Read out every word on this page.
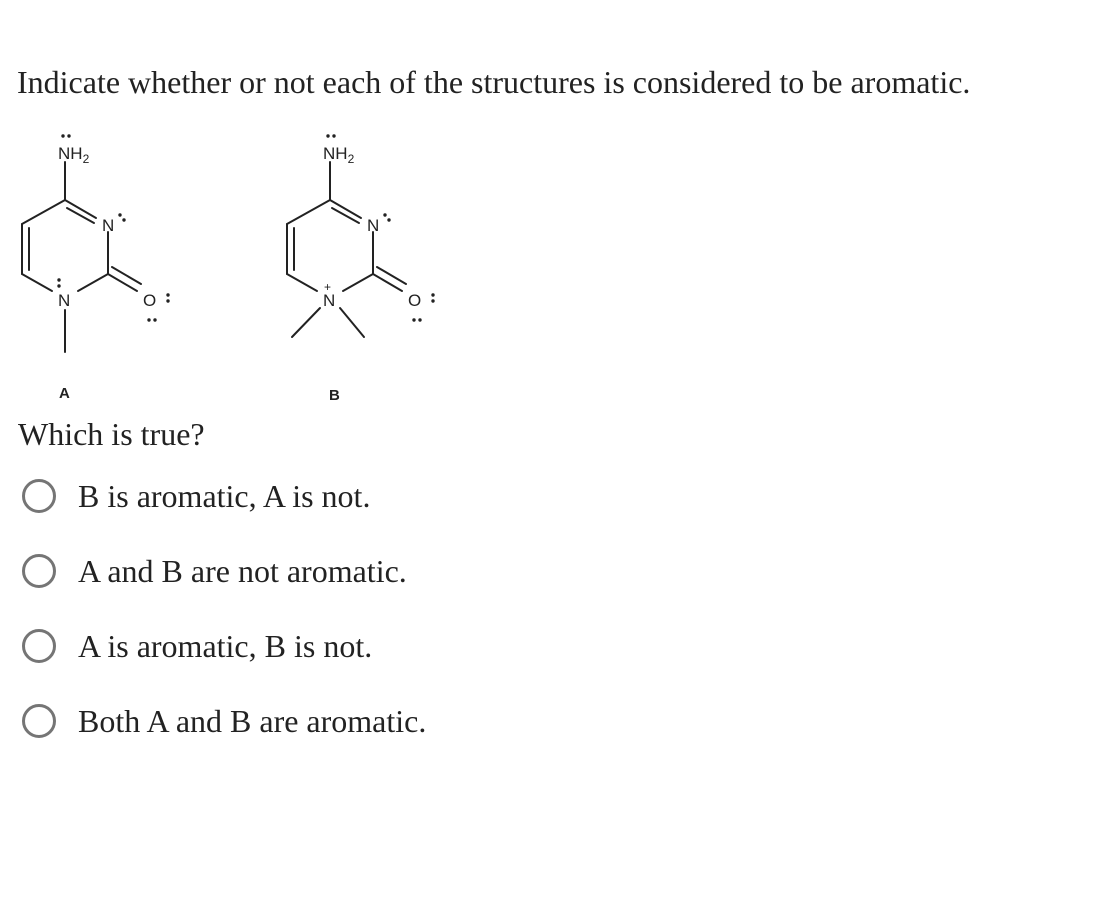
Indicate whether or not each of the structures is considered to be aromatic.
$NH_2$
N
N	O
A
$NH_2$
N
+
N	O
B
Which is true?
B is aromatic, A is not.
A and B are not aromatic.
A is aromatic, B is not.
Both A and B are aromatic.
